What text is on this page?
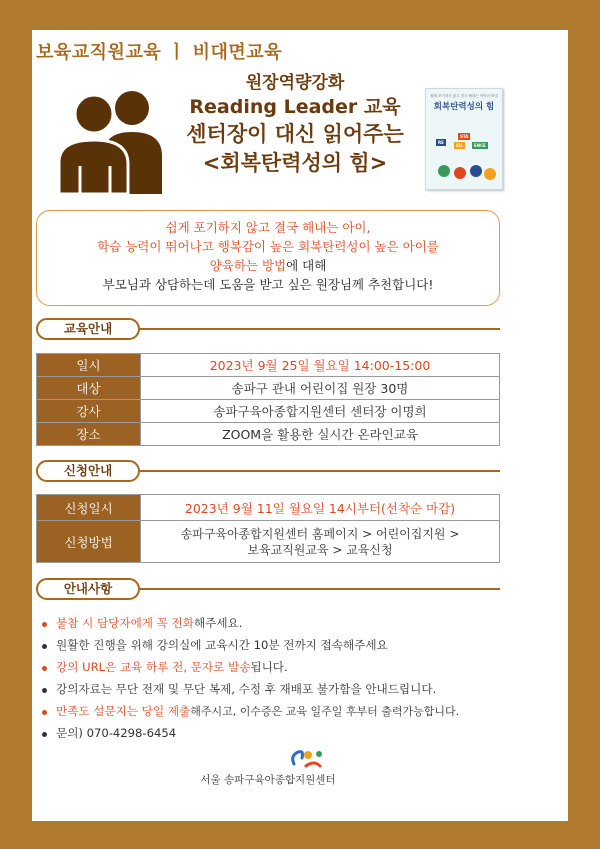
보육교직원교육 ㅣ 비대면교육
원장역량강화
Reading Leader 교육
센터장이 대신 읽어주는
<회복탄력성의 힘>
쉽게 포기하지 않고 결국 해내는 아이의 비밀
회복탄력성의 힘
RE
STA
SIL	ENCE
쉽게 포기하지 않고 결국 해내는 아이,
학습 능력이 뛰어나고 행복감이 높은 회복탄력성이 높은 아이를
양육하는 방법에 대해
부모님과 상담하는데 도움을 받고 싶은 원장님께 추천합니다!
교육안내
일시	2023년 9월 25일 월요일 14:00-15:00
대상	송파구 관내 어린이집 원장 30명
강사	송파구육아종합지원센터 센터장 이명희
장소	ZOOM을 활용한 실시간 온라인교육
신청안내
신청일시	2023년 9월 11일 월요일 14시부터(선착순 마감)
신청방법	송파구육아종합지원센터 홈페이지 > 어린이집지원 >
보육교직원교육 > 교육신청
안내사항
불참 시 담당자에게 꼭 전화해주세요.
원활한 진행을 위해 강의실에 교육시간 10분 전까지 접속해주세요
강의 URL은 교육 하루 전, 문자로 발송됩니다.
강의자료는 무단 전재 및 무단 복제, 수정 후 재배포 불가함을 안내드립니다.
만족도 설문지는 당일 제출해주시고, 이수증은 교육 일주일 후부터 출력가능합니다.
문의) 070-4298-6454
서울 송파구육아종합지원센터
